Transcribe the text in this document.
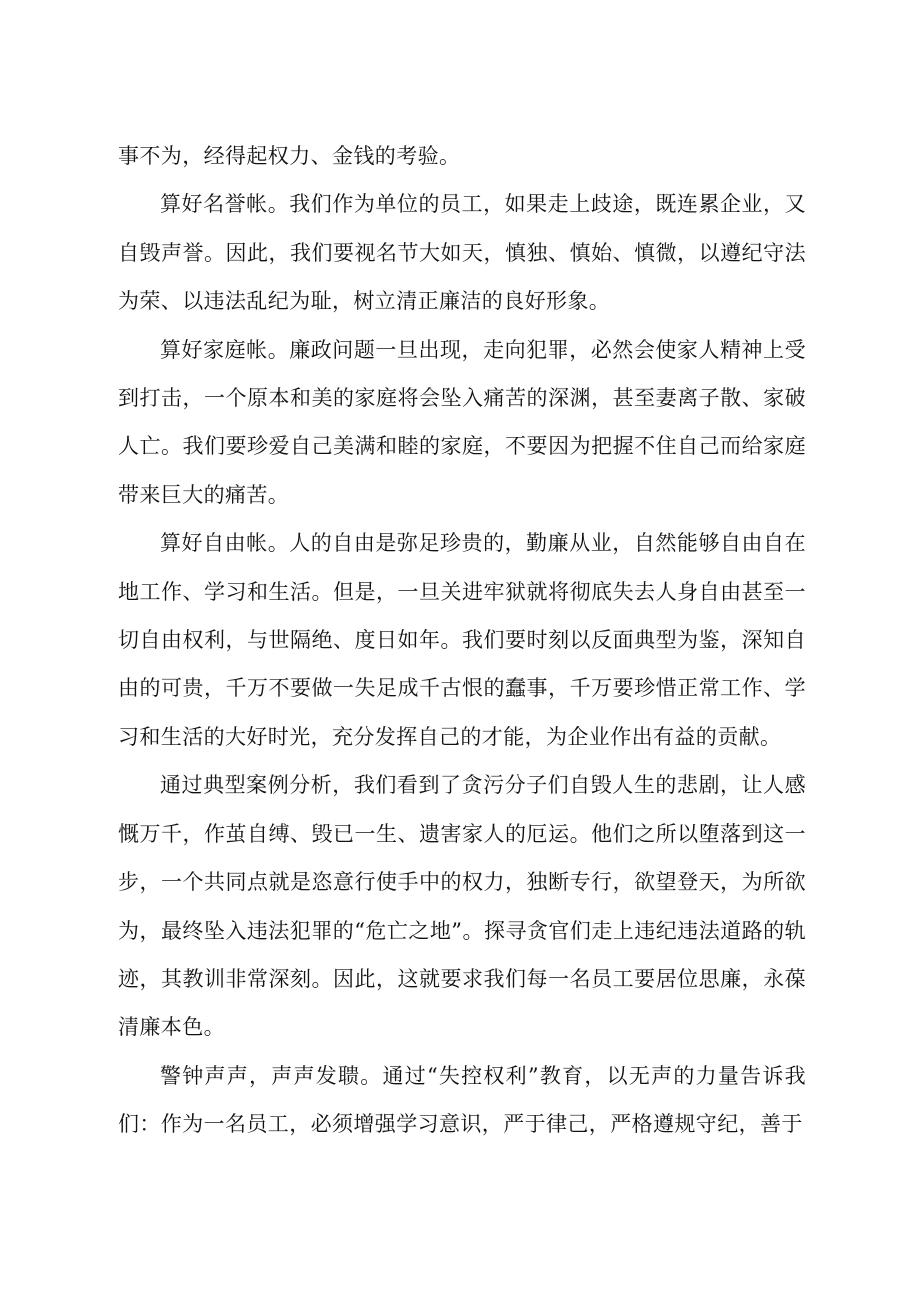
事不为，经得起权力、金钱的考验。

算好名誉帐。我们作为单位的员工，如果走上歧途，既连累企业，又自毁声誉。因此，我们要视名节大如天，慎独、慎始、慎微，以遵纪守法为荣、以违法乱纪为耻，树立清正廉洁的良好形象。

算好家庭帐。廉政问题一旦出现，走向犯罪，必然会使家人精神上受到打击，一个原本和美的家庭将会坠入痛苦的深渊，甚至妻离子散、家破人亡。我们要珍爱自己美满和睦的家庭，不要因为把握不住自己而给家庭带来巨大的痛苦。

算好自由帐。人的自由是弥足珍贵的，勤廉从业，自然能够自由自在地工作、学习和生活。但是，一旦关进牢狱就将彻底失去人身自由甚至一切自由权利，与世隔绝、度日如年。我们要时刻以反面典型为鉴，深知自由的可贵，千万不要做一失足成千古恨的蠢事，千万要珍惜正常工作、学习和生活的大好时光，充分发挥自己的才能，为企业作出有益的贡献。

通过典型案例分析，我们看到了贪污分子们自毁人生的悲剧，让人感慨万千，作茧自缚、毁已一生、遗害家人的厄运。他们之所以堕落到这一步，一个共同点就是恣意行使手中的权力，独断专行，欲望登天，为所欲为，最终坠入违法犯罪的“危亡之地”。探寻贪官们走上违纪违法道路的轨迹，其教训非常深刻。因此，这就要求我们每一名员工要居位思廉，永葆清廉本色。

警钟声声，声声发聩。通过“失控权利”教育，以无声的力量告诉我们：作为一名员工，必须增强学习意识，严于律己，严格遵规守纪，善于
